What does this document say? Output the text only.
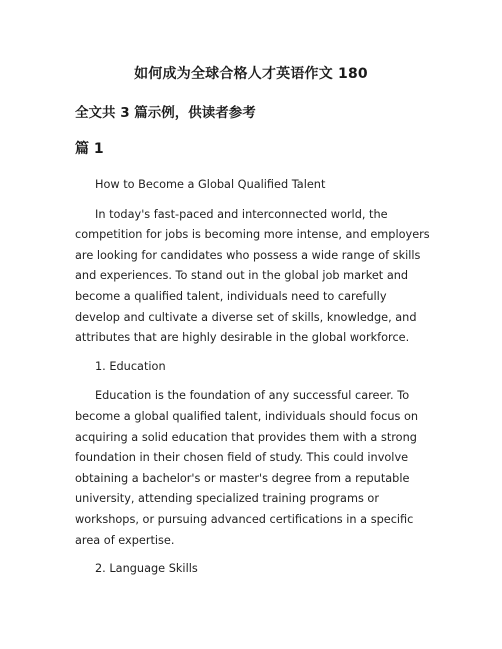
如何成为全球合格人才英语作文 180
全文共 3 篇示例，供读者参考
篇 1

How to Become a Global Qualified Talent

In today's fast-paced and interconnected world, the competition for jobs is becoming more intense, and employers are looking for candidates who possess a wide range of skills and experiences. To stand out in the global job market and become a qualified talent, individuals need to carefully develop and cultivate a diverse set of skills, knowledge, and attributes that are highly desirable in the global workforce.

1. Education

Education is the foundation of any successful career. To become a global qualified talent, individuals should focus on acquiring a solid education that provides them with a strong foundation in their chosen field of study. This could involve obtaining a bachelor's or master's degree from a reputable university, attending specialized training programs or workshops, or pursuing advanced certifications in a specific area of expertise.

2. Language Skills
